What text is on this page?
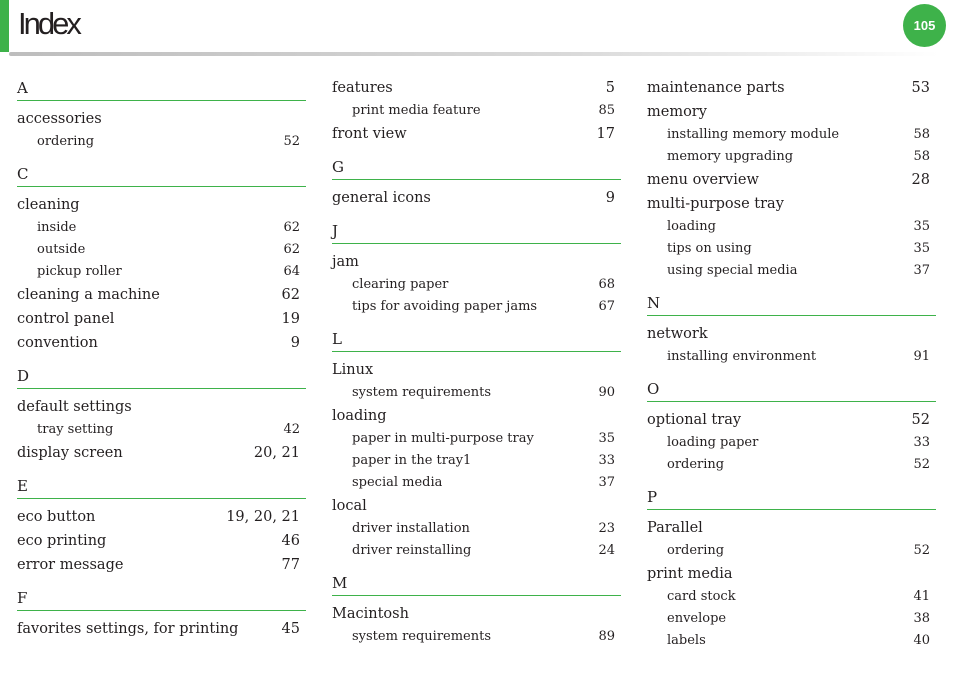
Index	105
A
accessories
ordering	52
C
cleaning
inside	62
outside	62
pickup roller	64
cleaning a machine	62
control panel	19
convention	9
D
default settings
tray setting	42
display screen	20, 21
E
eco button	19, 20, 21
eco printing	46
error message	77
F
favorites settings, for printing	45
features	5
print media feature	85
front view	17
G
general icons	9
J
jam
clearing paper	68
tips for avoiding paper jams	67
L
Linux
system requirements	90
loading
paper in multi-purpose tray	35
paper in the tray1	33
special media	37
local
driver installation	23
driver reinstalling	24
M
Macintosh
system requirements	89
maintenance parts	53
memory
installing memory module	58
memory upgrading	58
menu overview	28
multi-purpose tray
loading	35
tips on using	35
using special media	37
N
network
installing environment	91
O
optional tray	52
loading paper	33
ordering	52
P
Parallel
ordering	52
print media
card stock	41
envelope	38
labels	40
